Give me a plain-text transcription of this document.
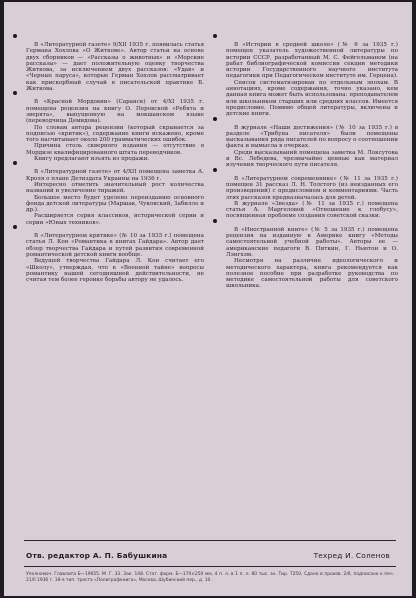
В «Литературной газете» 9/XII 1935 г. появилась статья Германа Хохлова «О Житкове». Автор статьи на основе двух сборников — «Рассказы о животных» и «Морские рассказы» — дает положительную оценку творчества Житкова, за исключением двух рассказов: «Удав» и «Черные паруса», которые Герман Хохлов рассматривает как прискорбный случай в писательской практике Б. Житкова.

В «Красной Мордовии» (Саранск) от 4/XI 1935 г. помещена рецензия на книгу О. Перовской «Ребята и зверята», выпущенную на мокшанском языке (переводчица Демидова).

По словам автора рецензии (который скрывается за подписью «критик»), содержание книги искажено, кроме того насчитывает около 200 грамматических ошибок.

Причина столь скверного издания — отсутствие в Мордизе квалифицированного штата переводчиков.

Книгу предлагают изъять из продажи.

В «Литературной газете» от 4/XII помещена заметка А. Кроля о плане Детиздата Украины на 1936 г.

Интересно отметить значительный рост количества названий и увеличение тиражей.

Большое место будет уделено переизданию основного фонда детской литературы (Маршак, Чуковский, Забилло и др.).

Расширяется серия классиков, исторической серии и серии «Юных техников».

В «Литературном критике» (№ 10 за 1935 г.) помещена статья Л. Кон «Романтика в книгах Гайдара». Автор дает обзор творчества Гайдара и путей развития современной романтической детской книги вообще.

Ведущей творчества Гайдара Л. Кон считает его «Школу», утверждая, что в «Военной тайне» вопросы романтику нашей сегодняшней действительности, не считая тем более героике борьбы автору не удалось.

В «Истории в средней школе» (№ 6 за 1935 г.) помещен указатель художественной литературы по истории СССР, разработанный М. С. Фейгельманом (на рабат библиографической комиссии секции методики истории Государственного научного института педагогики при Педагогическом институте им. Герцена).

Список систематизирован по отдельным эпохам. В аннотациях, кроме содержания, точно указано, кем данная книга может быть использована: преподавателем или школьником старших или средних классов. Имеется предисловие. Помимо общей литературы, включены и детские книги.

В журнале «Наши достижения» (№ 10 за 1935 г.) в разделе «Трибуна писателя» были помещены высказывания ряда писателей по вопросу о соотношении факта и вымысла в очерках.

Среди высказываний помещена заметка М. Локсутова и Вс. Лебедева, чрезвычайно ценные как материал изучения творческого пути писателя.

В «Литературном современнике» (№ 11 за 1935 г.) помещен 31 рассказ Л. Н. Толстого (из неизданных его произведений) с предисловием и комментариями. Часть этих рассказов предназначалась для детей.

В журнале «Звезда» (№ 11 за 1935 г.) помещена статья А. Маргеловой «Отношение к глобусу», посвященная проблеме создания советской сказки.

В «Иностранной книге» (№ 5 за 1935 г.) помещена рецензия на изданную в Америке книгу «Методы самостоятельной учебной работы». Авторы ее — американские педагоги В. Питкин, Г. Ньютон и О. Лэнгхэм.

Несмотря на различие идеологического и методического характера, книга рекомендуется как полезное пособие при разработке руководства по методике самостоятельной работы для советского школьника.

Отв. редактор А. П. Бабушкина	Техред И. Соленов
Уполномоч. Главлита Б—19655. М. Г. 33. Зак. 148. Стат. форм. Б—170×250 мм, 4 п. л. в 1 п. л. 80 тыс. зн. Тир. 7250. Сдано в произв. 2/II, подписано к печ. 21/II 1936 г. 18-я тип. треста «Полиграфкнига», Москва, Шубинский пер., д. 10.
